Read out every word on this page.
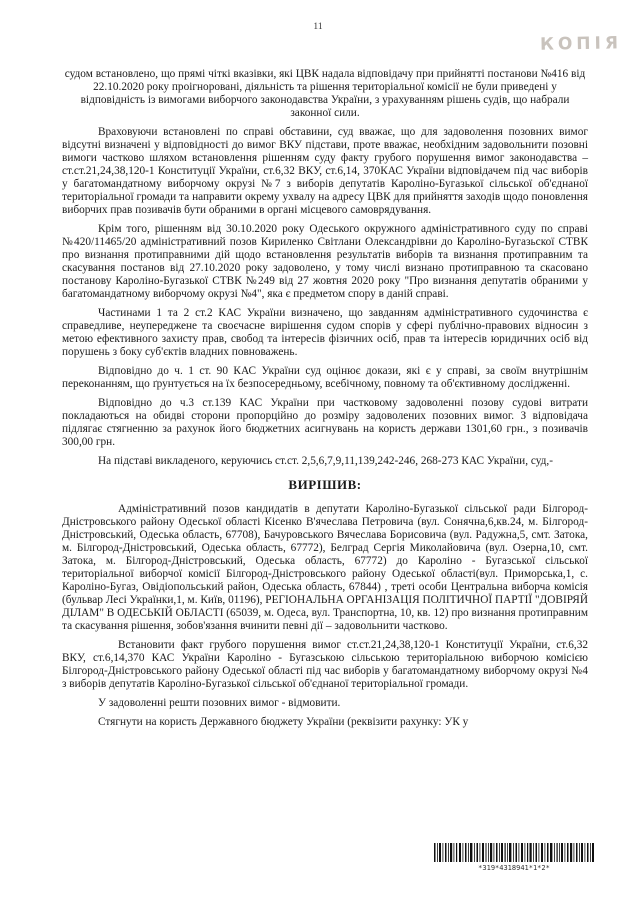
11
КОПІЯ

судом встановлено, що прямі чіткі вказівки, які ЦВК надала відповідачу при прийнятті постанови №416 від 22.10.2020 року проігноровані, діяльність та рішення територіальної комісії не були приведені у відповідність із вимогами виборчого законодавства України, з урахуванням рішень судів, що набрали законної сили.

Враховуючи встановлені по справі обставини, суд вважає, що для задоволення позовних вимог відсутні визначені у відповідності до вимог ВКУ підстави, проте вважає, необхідним задовольнити позовні вимоги частково шляхом встановлення рішенням суду факту грубого порушення вимог законодавства – ст.ст.21,24,38,120-1 Конституції України, ст.6,32 ВКУ, ст.6,14, 370КАС України відповідачем під час виборів у багатомандатному виборчому окрузі №7 з виборів депутатів Кароліно-Бугазької сільської об'єднаної територіальної громади та направити окрему ухвалу на адресу ЦВК для прийняття заходів щодо поновлення виборчих прав позивачів бути обраними в органі місцевого самоврядування.

Крім того, рішенням від 30.10.2020 року Одеського окружного адміністративного суду по справі №420/11465/20 адміністративний позов Кириленко Світлани Олександрівни до Кароліно-Бугазьскої СТВК про визнання протиправними дій щодо встановлення результатів виборів та визнання протиправним та скасування постанов від 27.10.2020 року задоволено, у тому числі визнано протиправною та скасовано постанову Кароліно-Бугазької СТВК №249 від 27 жовтня 2020 року "Про визнання депутатів обраними у багатомандатному виборчому окрузі №4", яка є предметом спору в даній справі.

Частинами 1 та 2 ст.2 КАС України визначено, що завданням адміністративного судочинства є справедливе, неупереджене та своєчасне вирішення судом спорів у сфері публічно-правових відносин з метою ефективного захисту прав, свобод та інтересів фізичних осіб, прав та інтересів юридичних осіб від порушень з боку суб'єктів владних повноважень.

Відповідно до ч. 1 ст. 90 КАС України суд оцінює докази, які є у справі, за своїм внутрішнім переконанням, що ґрунтується на їх безпосередньому, всебічному, повному та об'єктивному дослідженні.

Відповідно до ч.3 ст.139 КАС України при частковому задоволенні позову судові витрати покладаються на обидві сторони пропорційно до розміру задоволених позовних вимог. З відповідача підлягає стягненню за рахунок його бюджетних асигнувань на користь держави 1301,60 грн., з позивачів 300,00 грн.

На підставі викладеного, керуючись ст.ст. 2,5,6,7,9,11,139,242-246, 268-273 КАС України, суд,-

ВИРІШИВ:

Адміністративний позов кандидатів в депутати Кароліно-Бугазької сільської ради Білгород-Дністровського району Одеської області Кісенко В'ячеслава Петровича (вул. Сонячна,6,кв.24, м. Білгород-Дністровський, Одеська область, 67708), Бачуровського Вячеслава Борисовича (вул. Радужна,5, смт. Затока, м. Білгород-Дністровський, Одеська область, 67772), Белград Сергія Миколайовича (вул. Озерна,10, смт. Затока, м. Білгород-Дністровський, Одеська область, 67772) до Кароліно - Бугазської сільської територіальної виборчої комісії Білгород-Дністровського району Одеської області(вул. Приморська,1, с. Кароліно-Бугаз, Овідіопольський район, Одеська область, 67844) , треті особи Центральна виборча комісія (бульвар Лесі Українки,1, м. Київ, 01196), РЕГІОНАЛЬНА ОРГАНІЗАЦІЯ ПОЛІТИЧНОЇ ПАРТІЇ "ДОВІРЯЙ ДІЛАМ" В ОДЕСЬКІЙ ОБЛАСТІ (65039, м. Одеса, вул. Транспортна, 10, кв. 12) про визнання протиправним та скасування рішення, зобов'язання вчинити певні дії – задовольнити частково.

Встановити факт грубого порушення вимог ст.ст.21,24,38,120-1 Конституції України, ст.6,32 ВКУ, ст.6,14,370 КАС України Кароліно - Бугазською сільською територіальною виборчою комісією Білгород-Дністровського району Одеської області під час виборів у багатомандатному виборчому окрузі №4 з виборів депутатів Кароліно-Бугазької сільської об'єднаної територіальної громади.

У задоволенні решти позовних вимог - відмовити.

Стягнути на користь Державного бюджету України (реквізити рахунку: УК у

*319*4318941*1*2*
